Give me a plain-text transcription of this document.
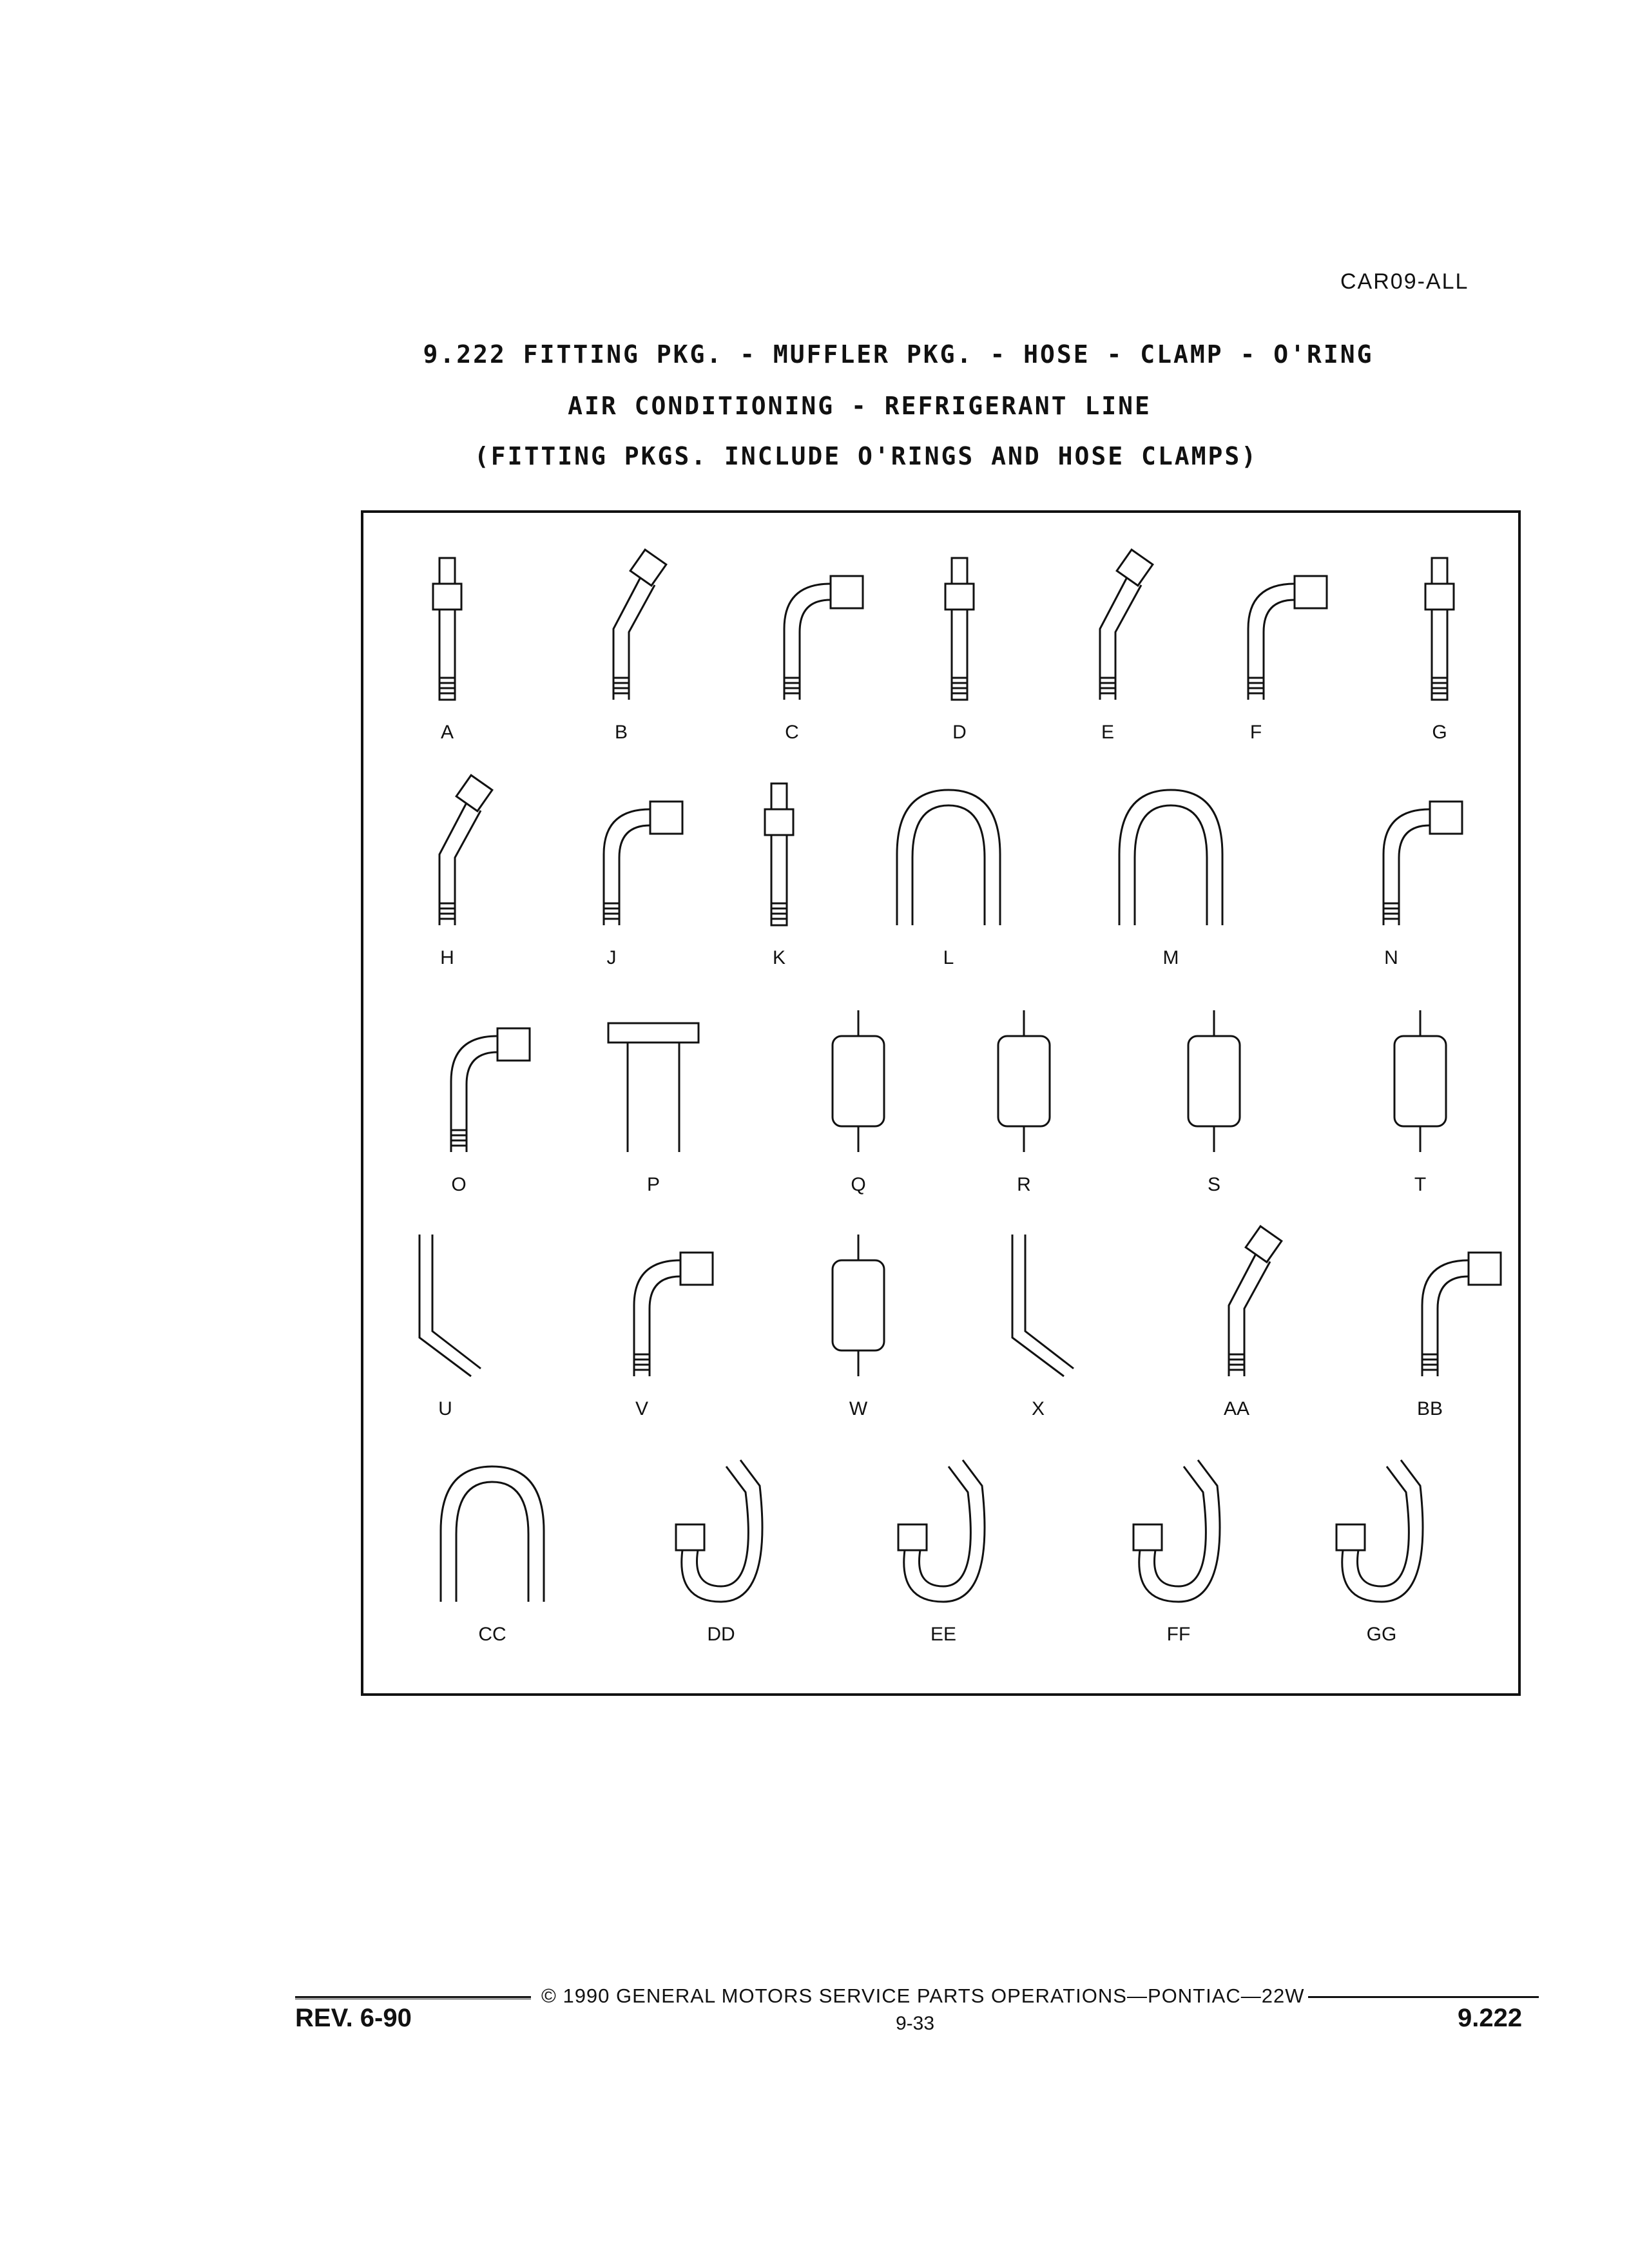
CAR09-ALL
9.222 FITTING PKG. - MUFFLER PKG. - HOSE - CLAMP - O'RING
AIR CONDITIONING - REFRIGERANT LINE
(FITTING PKGS. INCLUDE O'RINGS AND HOSE CLAMPS)
A	B	C	D	E	F	G
H	J	K	L	M	N
O	P	Q	R	S	T
U	V	W	X	AA	BB
CC	DD	EE	FF	GG
REV. 6-90
© 1990 GENERAL MOTORS SERVICE PARTS OPERATIONS—PONTIAC—22W
9-33	9.222
